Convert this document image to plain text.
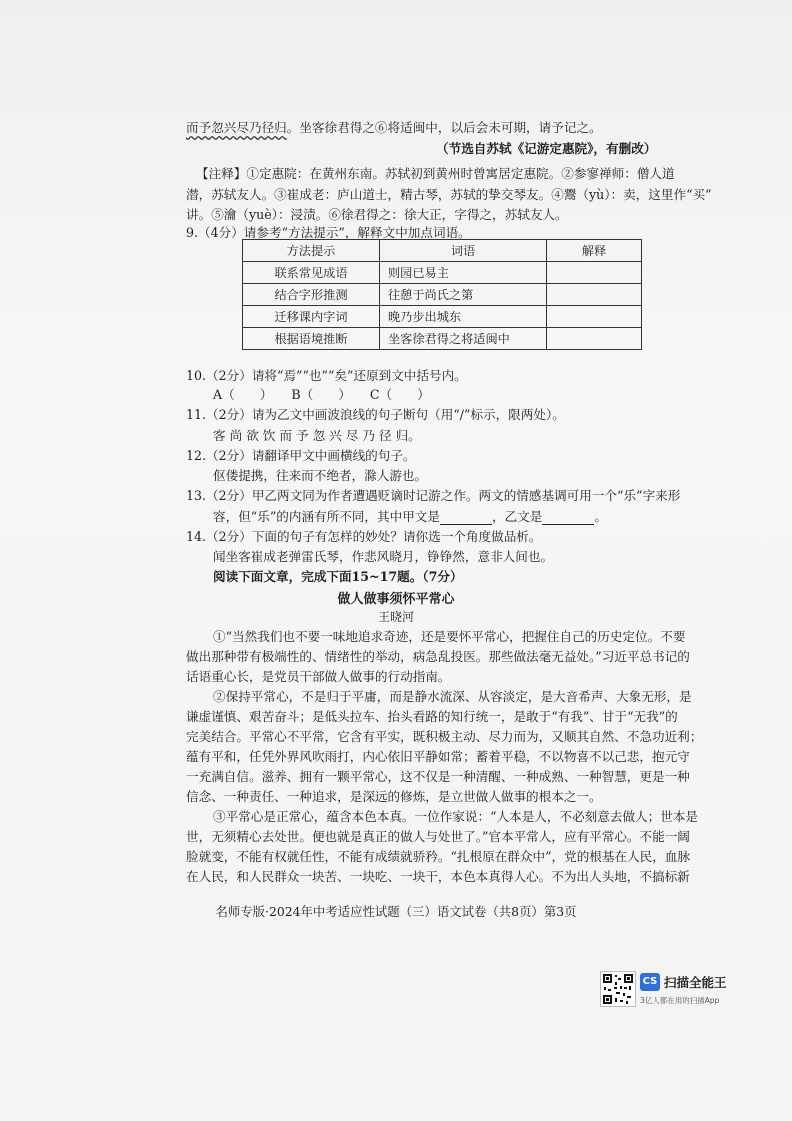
而予忽兴尽乃径归。坐客徐君得之⑥将适闽中，以后会未可期，请予记之。
（节选自苏轼《记游定惠院》，有删改）
【注释】①定惠院：在黄州东南。苏轼初到黄州时曾寓居定惠院。②参寥禅师：僧人道
潜，苏轼友人。③崔成老：庐山道士，精古琴，苏轼的挚交琴友。④鬻（yù）：卖，这里作“买”
讲。⑤瀹（yuè）：浸渍。⑥徐君得之：徐大正，字得之，苏轼友人。
9.（4分）请参考“方法提示”，解释文中加点词语。
方法提示	词语	解释
联系常见成语	则园已易主	
结合字形推测	往憩于尚氏之第	
迁移课内字词	晚乃步出城东	
根据语境推断	坐客徐君得之将适闽中	
10.（2分）请将“焉”“也”“矣”还原到文中括号内。
A（　　）　　B（　　）　　C（　　）
11.（2分）请为乙文中画波浪线的句子断句（用“/”标示，限两处）。
客 尚 欲 饮 而 予 忽 兴 尽 乃 径 归。
12.（2分）请翻译甲文中画横线的句子。
伛偻提携，往来而不绝者，滁人游也。
13.（2分）甲乙两文同为作者遭遇贬谪时记游之作。两文的情感基调可用一个“乐”字来形
容，但“乐”的内涵有所不同，其中甲文是	，乙文是	。
14.（2分）下面的句子有怎样的妙处？请你选一个角度做品析。
闻坐客崔成老弹雷氏琴，作悲风晓月，铮铮然，意非人间也。
阅读下面文章，完成下面15~17题。（7分）
做人做事须怀平常心
王晓河
①“当然我们也不要一味地追求奇迹，还是要怀平常心，把握住自己的历史定位。不要
做出那种带有极端性的、情绪性的举动，病急乱投医。那些做法毫无益处。”习近平总书记的
话语重心长，是党员干部做人做事的行动指南。
②保持平常心，不是归于平庸，而是静水流深、从容淡定，是大音希声、大象无形，是
谦虚谨慎、艰苦奋斗；是低头拉车、抬头看路的知行统一，是敢于“有我”、甘于“无我”的
完美结合。平常心不平常，它含有平实，既积极主动、尽力而为，又顺其自然、不急功近利；
蕴有平和，任凭外界风吹雨打，内心依旧平静如常；蓄着平稳，不以物喜不以己悲，抱元守
一充满自信。滋养、拥有一颗平常心，这不仅是一种清醒、一种成熟、一种智慧，更是一种
信念、一种责任、一种追求，是深远的修炼，是立世做人做事的根本之一。
③平常心是正常心，蕴含本色本真。一位作家说：“人本是人，不必刻意去做人；世本是
世，无须精心去处世。便也就是真正的做人与处世了。”官本平常人，应有平常心。不能一阔
脸就变，不能有权就任性，不能有成绩就骄矜。“扎根原在群众中”，党的根基在人民，血脉
在人民，和人民群众一块苦、一块吃、一块干，本色本真得人心。不为出人头地，不搞标新
名师专版·2024年中考适应性试题（三）语文试卷（共8页）第3页
CS 扫描全能王
3亿人都在用的扫描App
